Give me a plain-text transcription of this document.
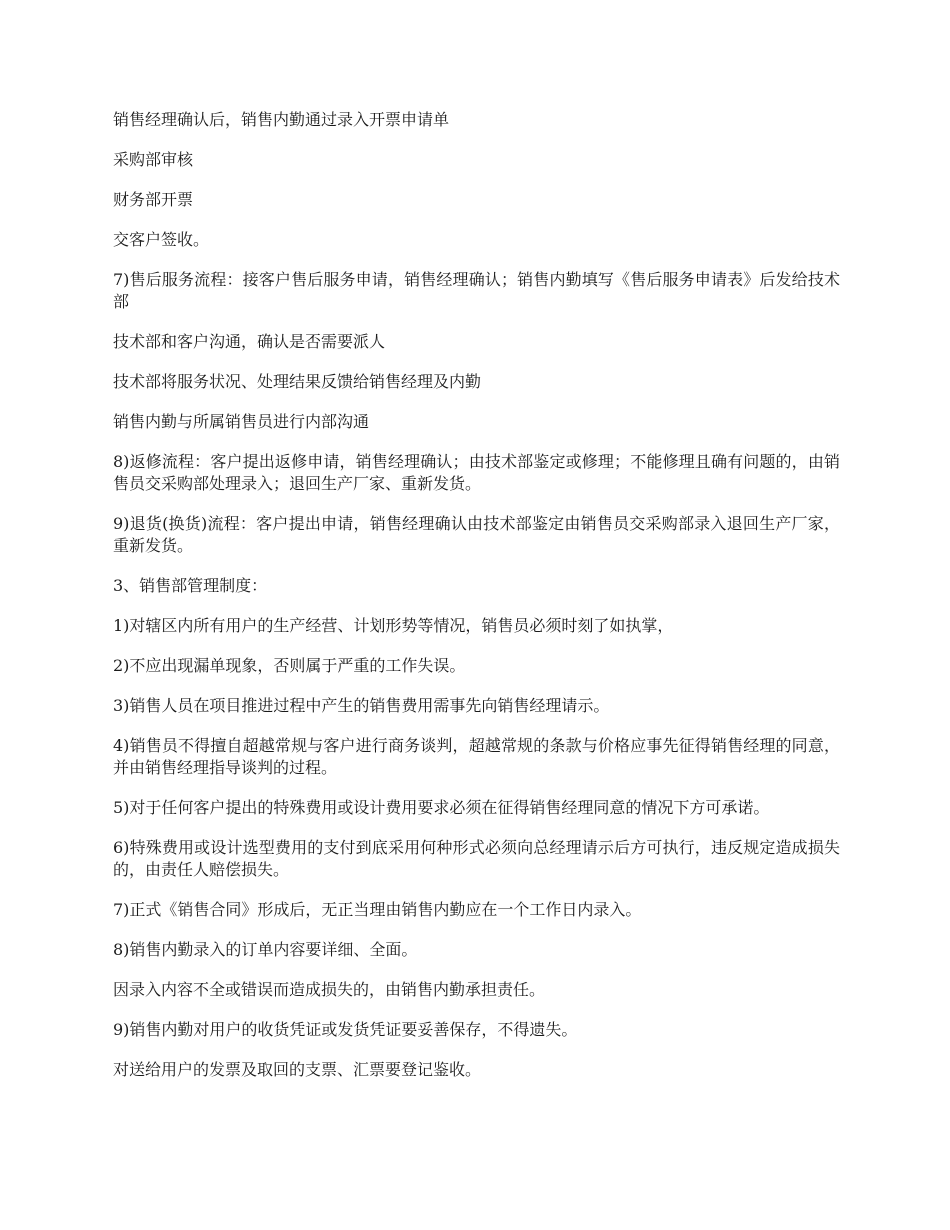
销售经理确认后，销售内勤通过录入开票申请单

采购部审核

财务部开票

交客户签收。

7)售后服务流程：接客户售后服务申请，销售经理确认；销售内勤填写《售后服务申请表》后发给技术部

技术部和客户沟通，确认是否需要派人

技术部将服务状况、处理结果反馈给销售经理及内勤

销售内勤与所属销售员进行内部沟通

8)返修流程：客户提出返修申请，销售经理确认；由技术部鉴定或修理；不能修理且确有问题的，由销售员交采购部处理录入；退回生产厂家、重新发货。

9)退货(换货)流程：客户提出申请，销售经理确认由技术部鉴定由销售员交采购部录入退回生产厂家，重新发货。

3、销售部管理制度：

1)对辖区内所有用户的生产经营、计划形势等情况，销售员必须时刻了如执掌，

2)不应出现漏单现象，否则属于严重的工作失误。

3)销售人员在项目推进过程中产生的销售费用需事先向销售经理请示。

4)销售员不得擅自超越常规与客户进行商务谈判，超越常规的条款与价格应事先征得销售经理的同意，并由销售经理指导谈判的过程。

5)对于任何客户提出的特殊费用或设计费用要求必须在征得销售经理同意的情况下方可承诺。

6)特殊费用或设计选型费用的支付到底采用何种形式必须向总经理请示后方可执行，违反规定造成损失的，由责任人赔偿损失。

7)正式《销售合同》形成后，无正当理由销售内勤应在一个工作日内录入。

8)销售内勤录入的订单内容要详细、全面。

因录入内容不全或错误而造成损失的，由销售内勤承担责任。

9)销售内勤对用户的收货凭证或发货凭证要妥善保存，不得遗失。

对送给用户的发票及取回的支票、汇票要登记鉴收。
